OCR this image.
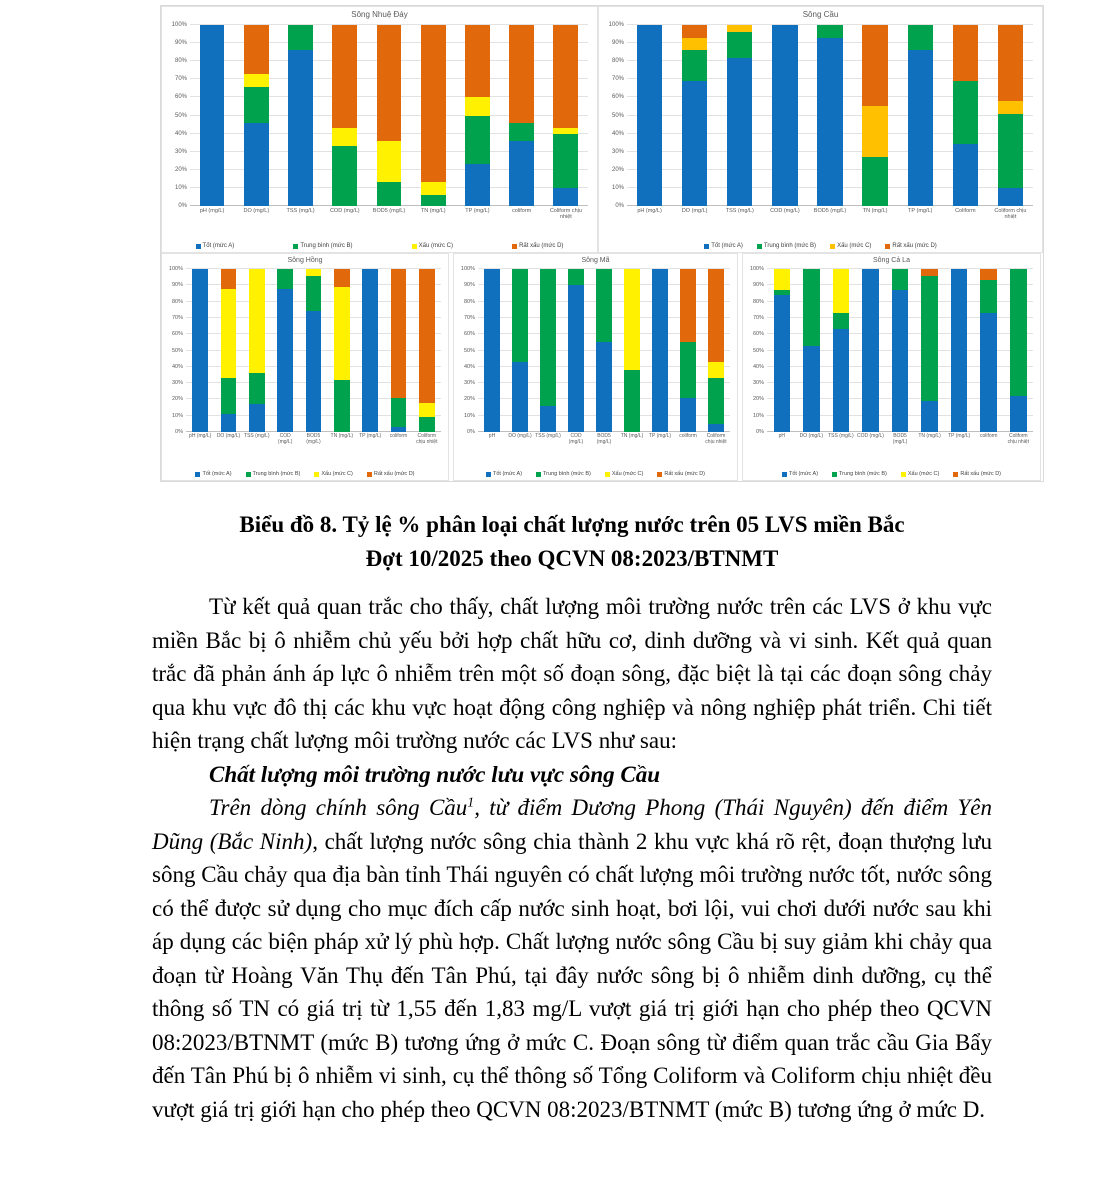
Sông Nhuệ Đáy
0%
10%
20%
30%
40%
50%
60%
70%
80%
90%
100%
pH (mg/L)	DO (mg/L)	TSS (mg/L)	COD (mg/L)	BOD5 (mg/L)	TN (mg/L)	TP (mg/L)	coliform	Coliform chịu nhiệt
Tốt (mức A)	Trung bình (mức B)	Xấu (mức C)	Rất xấu (mức D)
Sông Cầu
0%
10%
20%
30%
40%
50%
60%
70%
80%
90%
100%
pH (mg/L)	DO (mg/L)	TSS (mg/L)	COD (mg/L)	BOD5 (mg/L)	TN (mg/L)	TP (mg/L)	Coliform	Coliform chịu nhiệt
Tốt (mức A)	Trung bình (mức B)	Xấu (mức C)	Rất xấu (mức D)
Sông Hồng
0%
10%
20%
30%
40%
50%
60%
70%
80%
90%
100%
pH (mg/L)	DO (mg/L) TSS (mg/L)	COD (mg/L)
BOD5 (mg/L)
TN (mg/L)	TP (mg/L)	coliform	Coliform chịu nhiệt
Tốt (mức A)	Trung bình (mức B)	Xấu (mức C)	Rất xấu (mức D)
Sông Mã
0%
10%
20%
30%
40%
50%
60%
70%
80%
90%
100%
pH	DO (mg/L) TSS (mg/L)	COD (mg/L)
BOD5 (mg/L)
TN (mg/L)	TP (mg/L)	coliform	Coliform chịu nhiệt
Tốt (mức A)	Trung bình (mức B)	Xấu (mức C)	Rất xấu (mức D)
Sông Cả La
0%
10%
20%
30%
40%
50%
60%
70%
80%
90%
100%
pH	DO (mg/L)	TSS (mg/L) COD (mg/L)	BOD5 (mg/L)
TN (mg/L)	TP (mg/L)	coliform	Coliform chịu nhiệt
Tốt (mức A)	Trung bình (mức B)	Xấu (mức C)	Rất xấu (mức D)

Biểu đồ 8. Tỷ lệ % phân loại chất lượng nước trên 05 LVS miền Bắc
Đợt 10/2025 theo QCVN 08:2023/BTNMT

Từ kết quả quan trắc cho thấy, chất lượng môi trường nước trên các LVS ở khu vực miền Bắc bị ô nhiễm chủ yếu bởi hợp chất hữu cơ, dinh dưỡng và vi sinh. Kết quả quan trắc đã phản ánh áp lực ô nhiễm trên một số đoạn sông, đặc biệt là tại các đoạn sông chảy qua khu vực đô thị các khu vực hoạt động công nghiệp và nông nghiệp phát triển. Chi tiết hiện trạng chất lượng môi trường nước các LVS như sau:

Chất lượng môi trường nước lưu vực sông Cầu

Trên dòng chính sông Cầu$^1$, từ điểm Dương Phong (Thái Nguyên) đến điểm Yên Dũng (Bắc Ninh), chất lượng nước sông chia thành 2 khu vực khá rõ rệt, đoạn thượng lưu sông Cầu chảy qua địa bàn tỉnh Thái nguyên có chất lượng môi trường nước tốt, nước sông có thể được sử dụng cho mục đích cấp nước sinh hoạt, bơi lội, vui chơi dưới nước sau khi áp dụng các biện pháp xử lý phù hợp. Chất lượng nước sông Cầu bị suy giảm khi chảy qua đoạn từ Hoàng Văn Thụ đến Tân Phú, tại đây nước sông bị ô nhiễm dinh dưỡng, cụ thể thông số TN có giá trị từ 1,55 đến 1,83 mg/L vượt giá trị giới hạn cho phép theo QCVN 08:2023/BTNMT (mức B) tương ứng ở mức C. Đoạn sông từ điểm quan trắc cầu Gia Bẩy đến Tân Phú bị ô nhiễm vi sinh, cụ thể thông số Tổng Coliform và Coliform chịu nhiệt đều vượt giá trị giới hạn cho phép theo QCVN 08:2023/BTNMT (mức B) tương ứng ở mức D.
